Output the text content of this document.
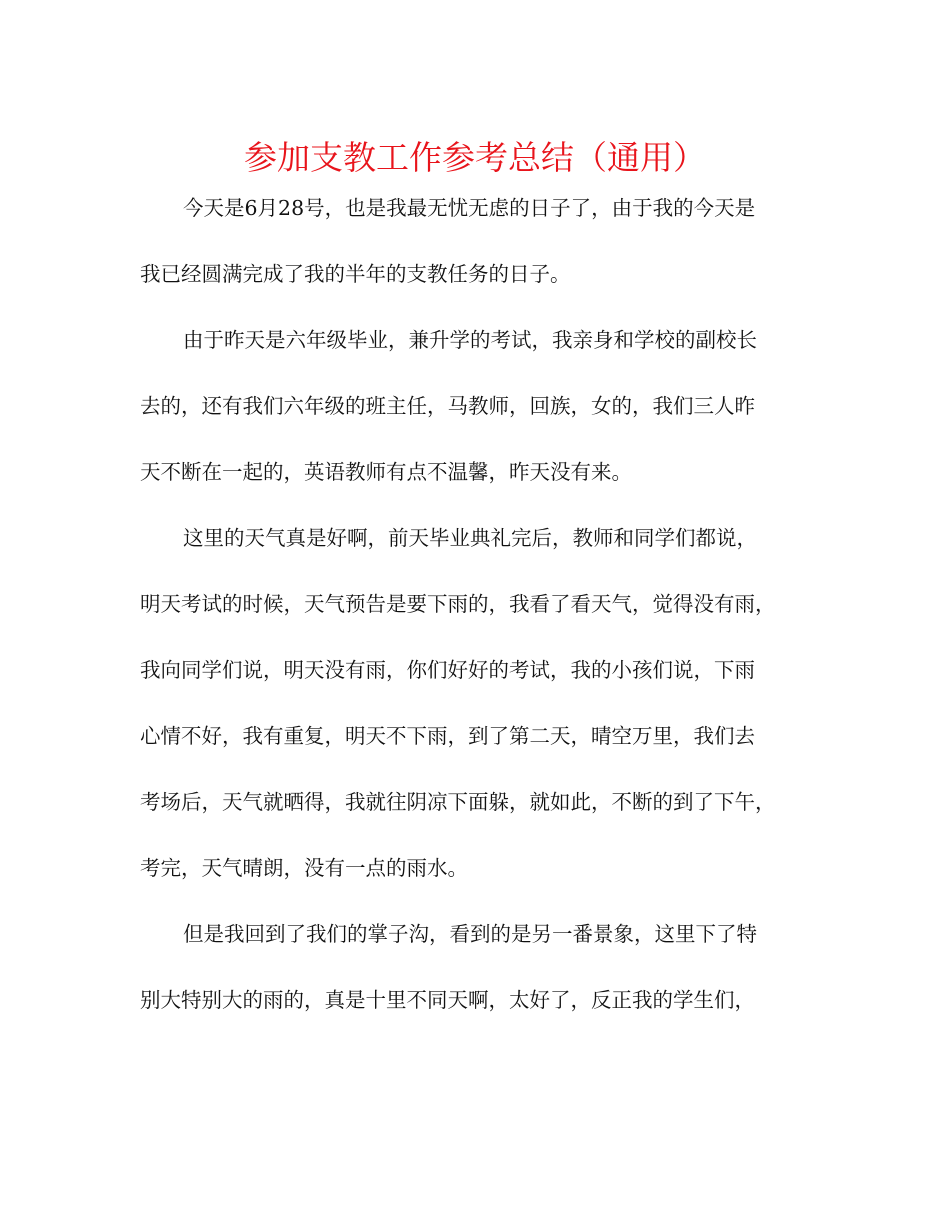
参加支教工作参考总结（通用）
今天是6月28号，也是我最无忧无虑的日子了，由于我的今天是
我已经圆满完成了我的半年的支教任务的日子。
由于昨天是六年级毕业，兼升学的考试，我亲身和学校的副校长
去的，还有我们六年级的班主任，马教师，回族，女的，我们三人昨
天不断在一起的，英语教师有点不温馨，昨天没有来。
这里的天气真是好啊，前天毕业典礼完后，教师和同学们都说，
明天考试的时候，天气预告是要下雨的，我看了看天气，觉得没有雨，
我向同学们说，明天没有雨，你们好好的考试，我的小孩们说，下雨
心情不好，我有重复，明天不下雨，到了第二天，晴空万里，我们去
考场后，天气就晒得，我就往阴凉下面躲，就如此，不断的到了下午，
考完，天气晴朗，没有一点的雨水。
但是我回到了我们的掌子沟，看到的是另一番景象，这里下了特
别大特别大的雨的，真是十里不同天啊，太好了，反正我的学生们，
